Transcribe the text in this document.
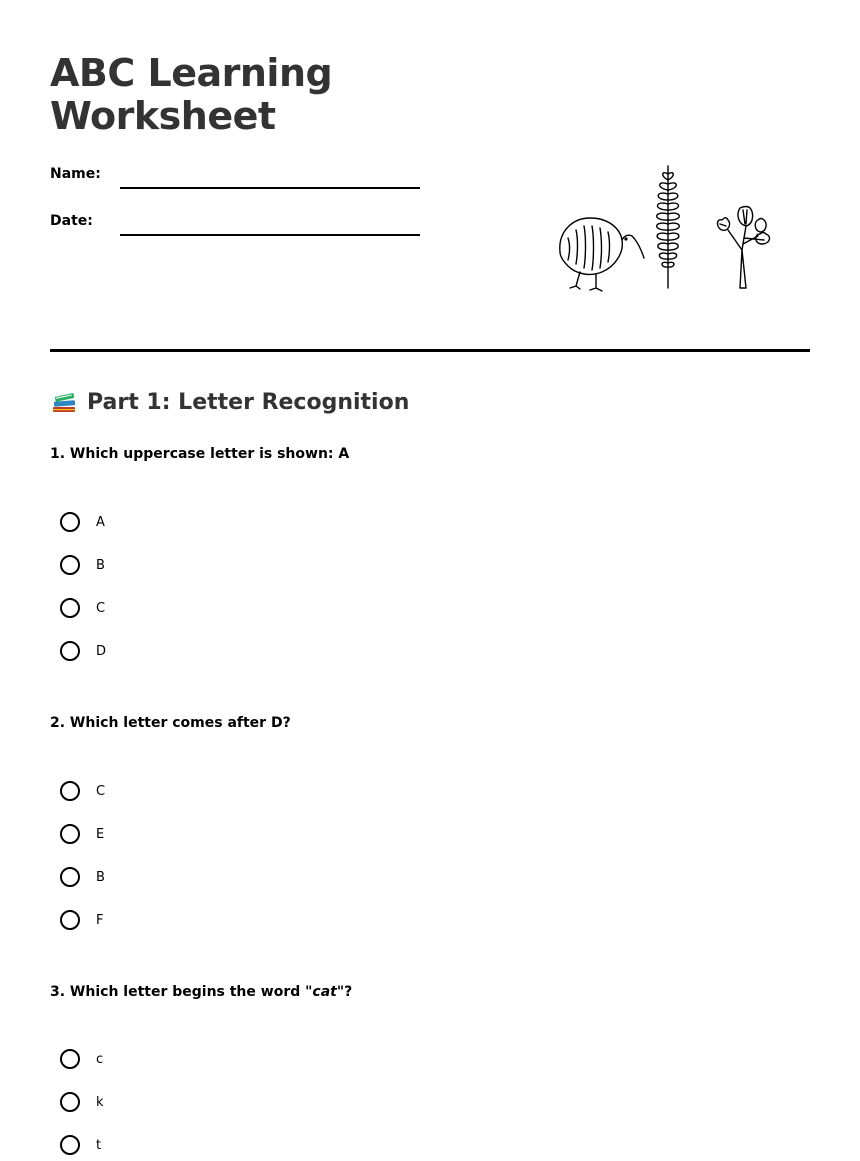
ABC Learning Worksheet
Name:
Date:
Part 1: Letter Recognition
1. Which uppercase letter is shown: A
A
B
C
D
2. Which letter comes after D?
C
E
B
F
3. Which letter begins the word "cat"?
c
k
t
